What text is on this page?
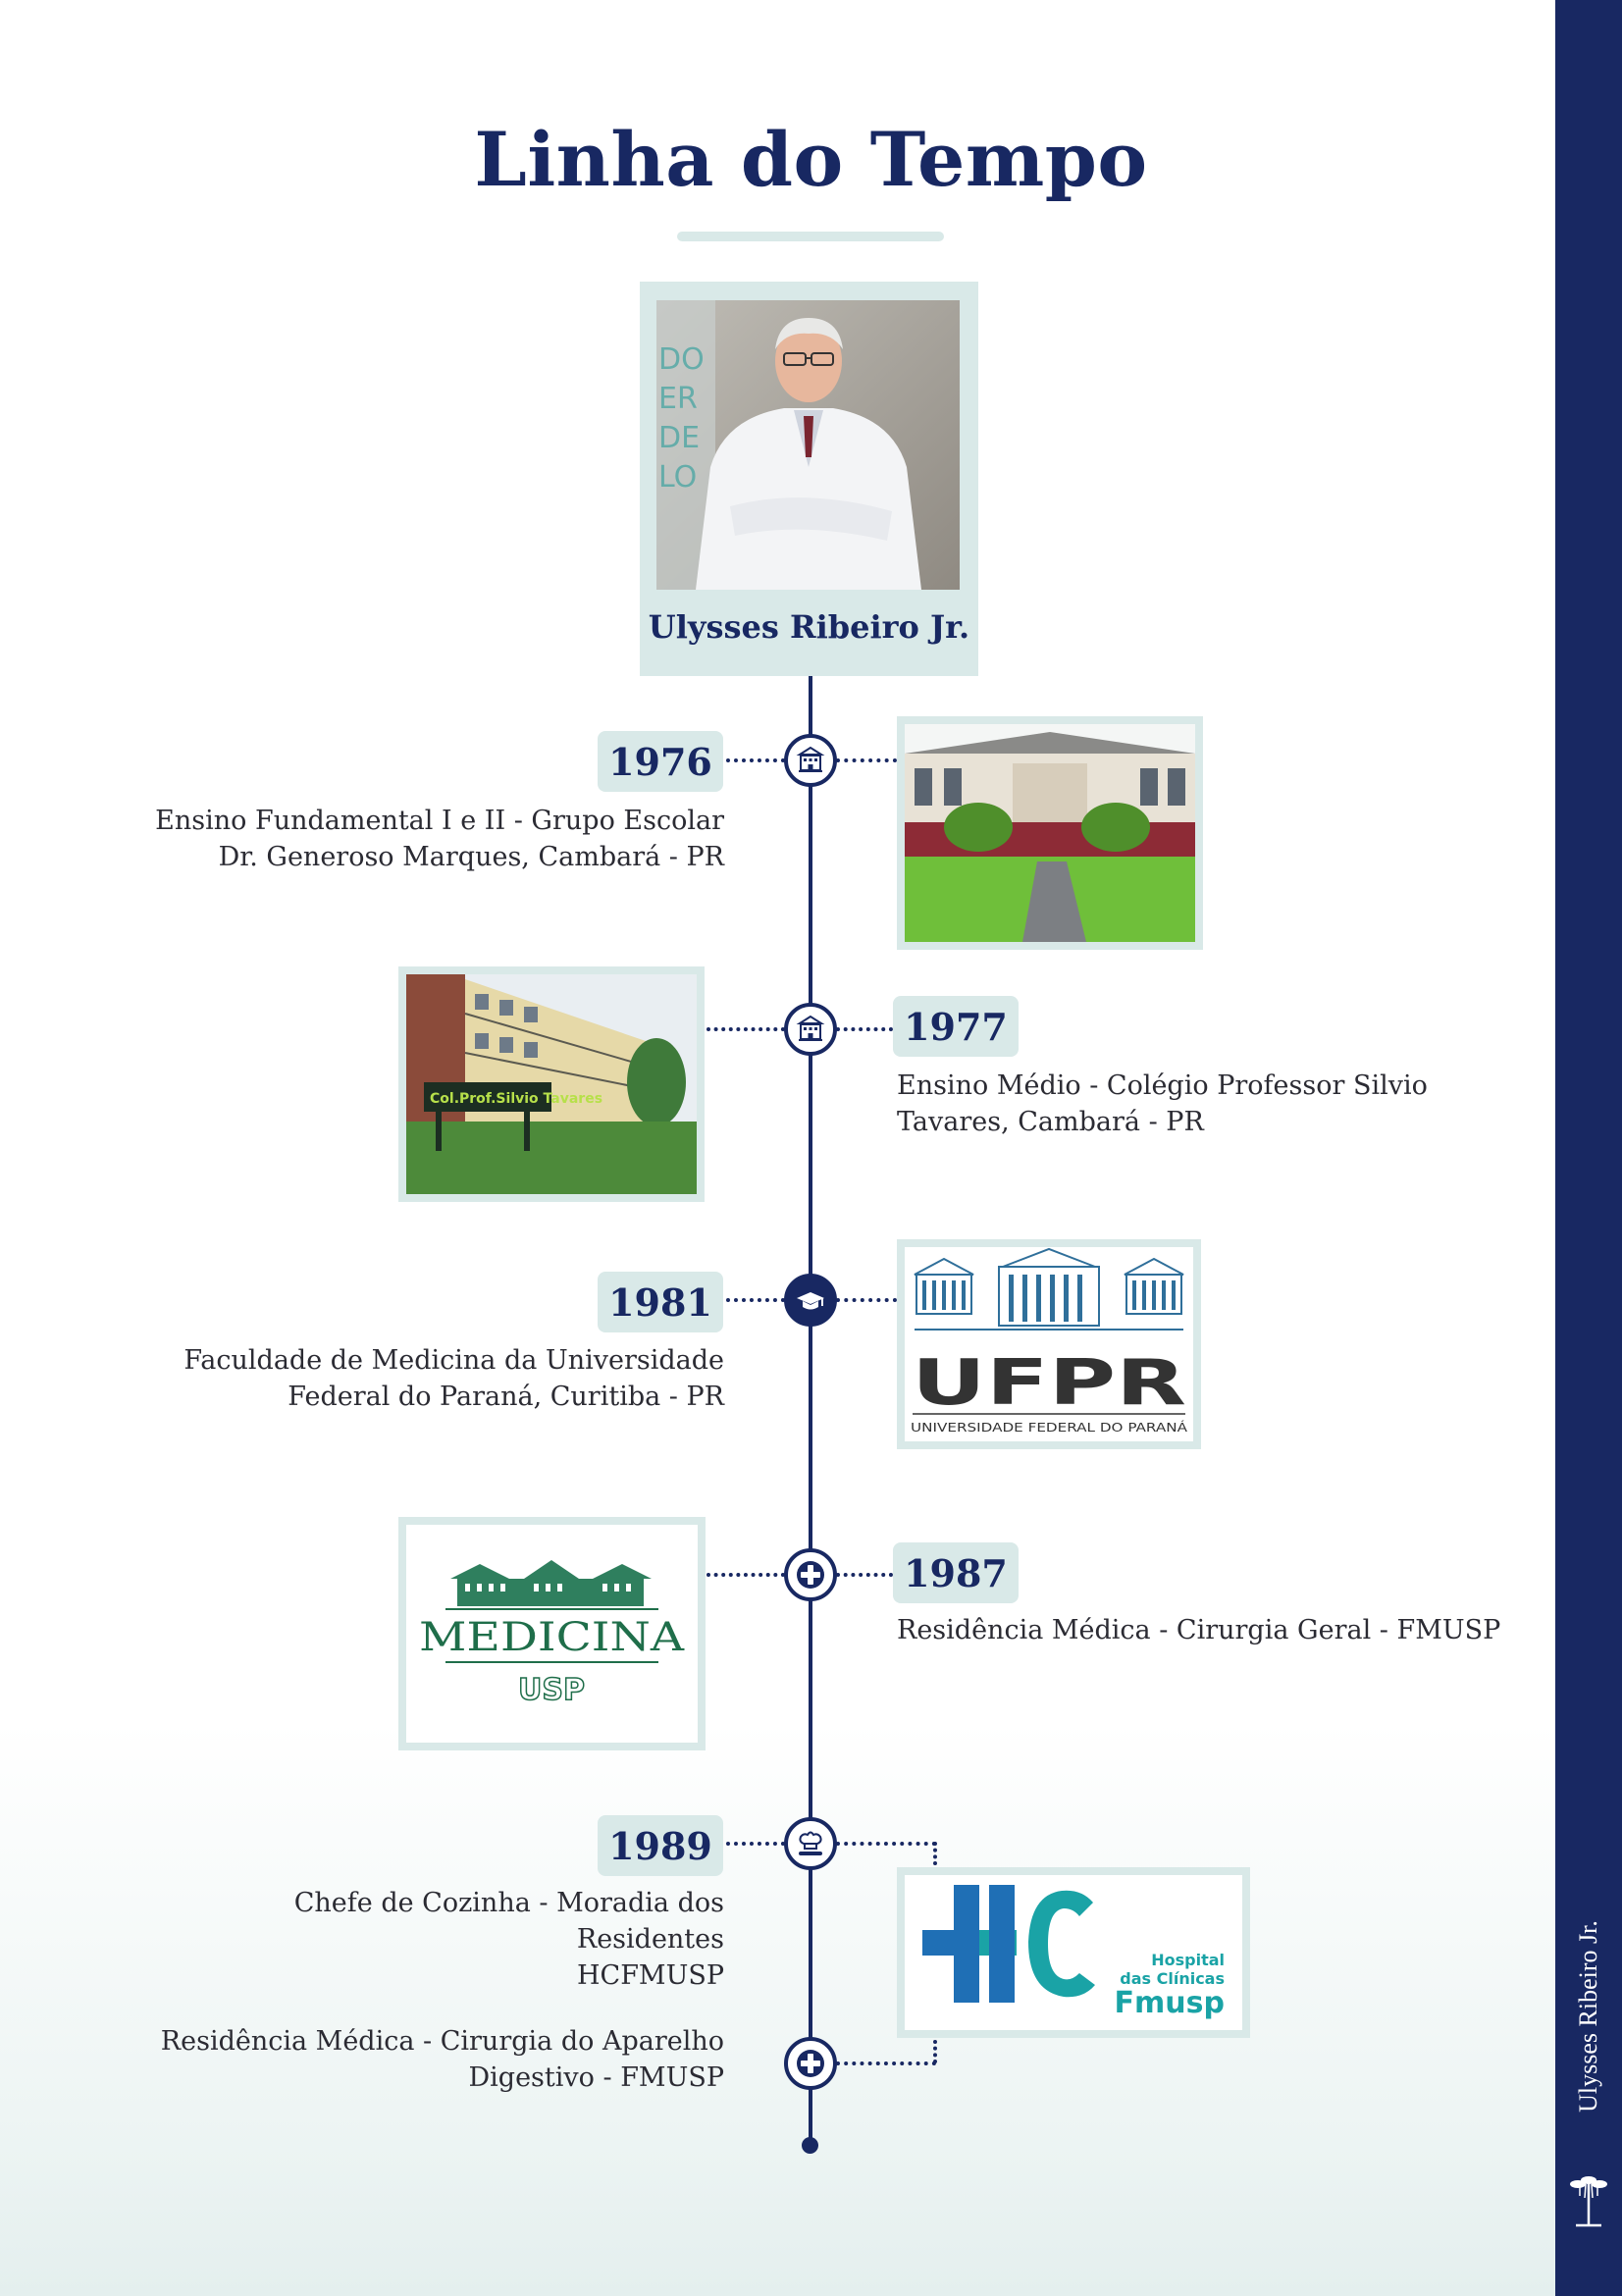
Linha do Tempo
Ulysses Ribeiro Jr.
DO
ER
DE
LO
Ulysses Ribeiro Jr.
1976
Ensino Fundamental I e II - Grupo Escolar
Dr. Generoso Marques, Cambará - PR
Col.Prof.Silvio Tavares
1977
Ensino Médio - Colégio Professor Silvio
Tavares, Cambará - PR
1981
Faculdade de Medicina da Universidade
Federal do Paraná, Curitiba - PR	UFPR
UNIVERSIDADE FEDERAL DO PARANÁ
MEDICINA
USP
1987
Residência Médica - Cirurgia Geral - FMUSP
1989
Chefe de Cozinha - Moradia dos Residentes
HCFMUSP
Hospital
das Clínicas
Fmusp
Residência Médica - Cirurgia do Aparelho
Digestivo - FMUSP
